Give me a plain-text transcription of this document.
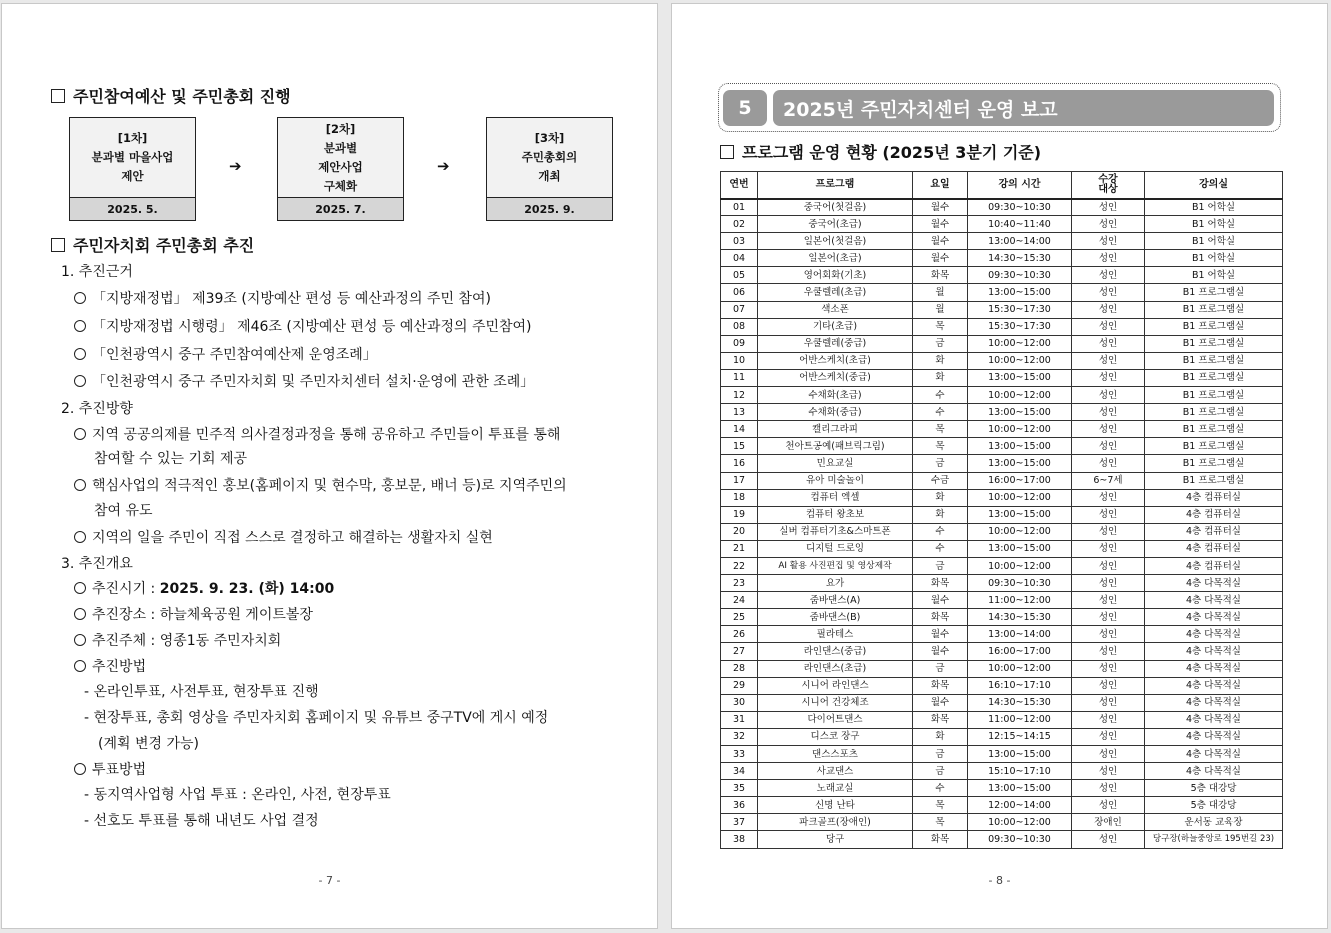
주민참여예산 및 주민총회 진행
[1차]
분과별 마을사업
제안
2025. 5.
➔
[2차]
분과별
제안사업
구체화
2025. 7.
➔
[3차]
주민총회의
개최
2025. 9.
주민자치회 주민총회 추진
1. 추진근거
「지방재정법」 제39조 (지방예산 편성 등 예산과정의 주민 참여)
「지방재정법 시행령」 제46조 (지방예산 편성 등 예산과정의 주민참여)
「인천광역시 중구 주민참여예산제 운영조례」
「인천광역시 중구 주민자치회 및 주민자치센터 설치·운영에 관한 조례」
2. 추진방향
지역 공공의제를 민주적 의사결정과정을 통해 공유하고 주민들이 투표를 통해
참여할 수 있는 기회 제공
핵심사업의 적극적인 홍보(홈페이지 및 현수막, 홍보문, 배너 등)로 지역주민의
참여 유도
지역의 일을 주민이 직접 스스로 결정하고 해결하는 생활자치 실현
3. 추진개요
추진시기 : 2025. 9. 23. (화) 14:00
추진장소 : 하늘체육공원 게이트볼장
추진주체 : 영종1동 주민자치회
추진방법
- 온라인투표, 사전투표, 현장투표 진행
- 현장투표, 총회 영상을 주민자치회 홈페이지 및 유튜브 중구TV에 게시 예정
(계획 변경 가능)
투표방법
- 동지역사업형 사업 투표 : 온라인, 사전, 현장투표
- 선호도 투표를 통해 내년도 사업 결정
- 7 -
5	2025년 주민자치센터 운영 보고
프로그램 운영 현황 (2025년 3분기 기준)
연번	프로그램	요일	강의 시간	수강
대상	강의실
01	중국어(첫걸음)	월수	09:30~10:30	성인	B1 어학실
02	중국어(초급)	월수	10:40~11:40	성인	B1 어학실
03	일본어(첫걸음)	월수	13:00~14:00	성인	B1 어학실
04	일본어(초급)	월수	14:30~15:30	성인	B1 어학실
05	영어회화(기초)	화목	09:30~10:30	성인	B1 어학실
06	우쿨렐레(초급)	월	13:00~15:00	성인	B1 프로그램실
07	색소폰	월	15:30~17:30	성인	B1 프로그램실
08	기타(초급)	목	15:30~17:30	성인	B1 프로그램실
09	우쿨렐레(중급)	금	10:00~12:00	성인	B1 프로그램실
10	어반스케치(초급)	화	10:00~12:00	성인	B1 프로그램실
11	어반스케치(중급)	화	13:00~15:00	성인	B1 프로그램실
12	수채화(초급)	수	10:00~12:00	성인	B1 프로그램실
13	수채화(중급)	수	13:00~15:00	성인	B1 프로그램실
14	캘리그라피	목	10:00~12:00	성인	B1 프로그램실
15	천아트공예(패브릭그림)	목	13:00~15:00	성인	B1 프로그램실
16	민요교실	금	13:00~15:00	성인	B1 프로그램실
17	유아 미술놀이	수금	16:00~17:00	6~7세	B1 프로그램실
18	컴퓨터 엑셀	화	10:00~12:00	성인	4층 컴퓨터실
19	컴퓨터 왕초보	화	13:00~15:00	성인	4층 컴퓨터실
20	실버 컴퓨터기초&스마트폰	수	10:00~12:00	성인	4층 컴퓨터실
21	디지털 드로잉	수	13:00~15:00	성인	4층 컴퓨터실
22	AI 활용 사진편집 및 영상제작	금	10:00~12:00	성인	4층 컴퓨터실
23	요가	화목	09:30~10:30	성인	4층 다목적실
24	줌바댄스(A)	월수	11:00~12:00	성인	4층 다목적실
25	줌바댄스(B)	화목	14:30~15:30	성인	4층 다목적실
26	필라테스	월수	13:00~14:00	성인	4층 다목적실
27	라인댄스(중급)	월수	16:00~17:00	성인	4층 다목적실
28	라인댄스(초급)	금	10:00~12:00	성인	4층 다목적실
29	시니어 라인댄스	화목	16:10~17:10	성인	4층 다목적실
30	시니어 건강체조	월수	14:30~15:30	성인	4층 다목적실
31	다이어트댄스	화목	11:00~12:00	성인	4층 다목적실
32	디스코 장구	화	12:15~14:15	성인	4층 다목적실
33	댄스스포츠	금	13:00~15:00	성인	4층 다목적실
34	사교댄스	금	15:10~17:10	성인	4층 다목적실
35	노래교실	수	13:00~15:00	성인	5층 대강당
36	신명 난타	목	12:00~14:00	성인	5층 대강당
37	파크골프(장애인)	목	10:00~12:00	장애인	운서동 교육장
38	당구	화목	09:30~10:30	성인	당구장(하늘중앙로 195번길 23)
- 8 -
